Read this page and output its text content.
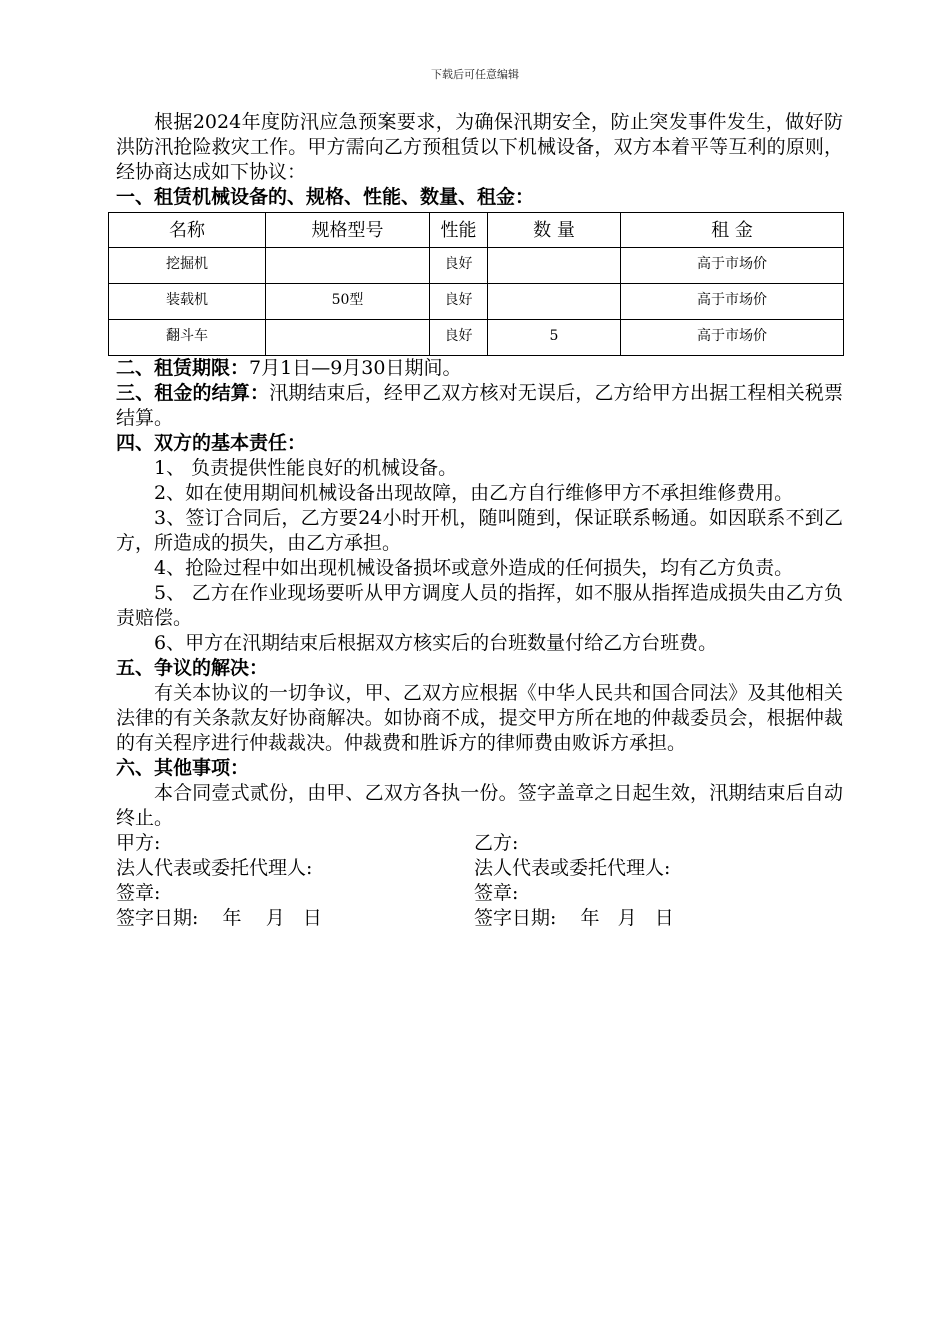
下载后可任意编辑

根据2024年度防汛应急预案要求，为确保汛期安全，防止突发事件发生，做好防洪防汛抢险救灾工作。甲方需向乙方预租赁以下机械设备，双方本着平等互利的原则，经协商达成如下协议：

一、租赁机械设备的、规格、性能、数量、租金：

名称	规格型号	性能	数 量	租 金
挖掘机		良好		高于市场价
装载机	50型	良好		高于市场价
翻斗车		良好	5	高于市场价

二、租赁期限：7月1日—9月30日期间。

三、租金的结算：汛期结束后，经甲乙双方核对无误后，乙方给甲方出据工程相关税票结算。

四、双方的基本责任：

1、 负责提供性能良好的机械设备。

2、如在使用期间机械设备出现故障，由乙方自行维修甲方不承担维修费用。

3、签订合同后，乙方要24小时开机，随叫随到，保证联系畅通。如因联系不到乙方，所造成的损失，由乙方承担。

4、抢险过程中如出现机械设备损坏或意外造成的任何损失，均有乙方负责。

5、 乙方在作业现场要听从甲方调度人员的指挥，如不服从指挥造成损失由乙方负责赔偿。

6、甲方在汛期结束后根据双方核实后的台班数量付给乙方台班费。

五、争议的解决：

有关本协议的一切争议，甲、乙双方应根据《中华人民共和国合同法》及其他相关法律的有关条款友好协商解决。如协商不成，提交甲方所在地的仲裁委员会，根据仲裁的有关程序进行仲裁裁决。仲裁费和胜诉方的律师费由败诉方承担。

六、其他事项：

本合同壹式贰份，由甲、乙双方各执一份。签字盖章之日起生效，汛期结束后自动终止。

甲方:	乙方:
法人代表或委托代理人:	法人代表或委托代理人:
签章:	签章:
签字日期:    年    月   日	签字日期:    年   月   日
